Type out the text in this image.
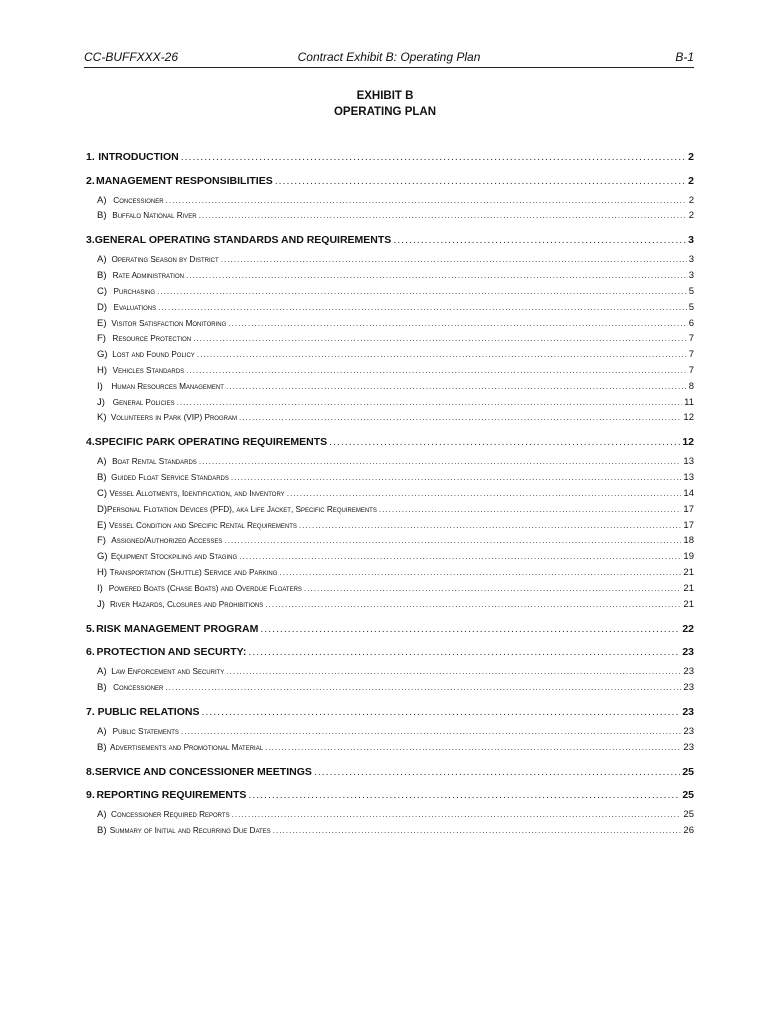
CC-BUFFXXX-26	Contract Exhibit B: Operating Plan	B-1
EXHIBIT B
OPERATING PLAN
1. INTRODUCTION .....	2
2. MANAGEMENT RESPONSIBILITIES .....	2
A) Concessioner .....	2
B) Buffalo National River .....	2
3. GENERAL OPERATING STANDARDS AND REQUIREMENTS .....	3
A) Operating Season by District .....	3
B) Rate Administration .....	3
C) Purchasing .....	5
D) Evaluations .....	5
E) Visitor Satisfaction Monitoring .....	6
F) Resource Protection .....	7
G) Lost and Found Policy .....	7
H) Vehicles Standards .....	7
I)	Human Resources Management .....	8
J) General Policies .....	11
K) Volunteers in Park (VIP) Program .....	12
4. SPECIFIC PARK OPERATING REQUIREMENTS .....	12
A) Boat Rental Standards .....	13
B) Guided Float Service Standards .....	13
C) Vessel Allotments, Identification, and Inventory .....	14
D) Personal Flotation Devices (PFD), aka Life Jacket, Specific Requirements .....	17
E) Vessel Condition and Specific Rental Requirements .....	17
F) Assigned/Authorized Accesses .....	18
G) Equipment Stockpiling and Staging .....	19
H) Transportation (Shuttle) Service and Parking .....	21
I) Powered Boats (Chase Boats) and Overdue Floaters .....	21
J) River Hazards, Closures and Prohibitions .....	21
5. RISK MANAGEMENT PROGRAM .....	22
6. PROTECTION AND SECURTY: .....	23
A) Law Enforcement and Security .....	23
B) Concessioner .....	23
7. PUBLIC RELATIONS .....	23
A) Public Statements .....	23
B) Advertisements and Promotional Material .....	23
8. SERVICE AND CONCESSIONER MEETINGS .....	25
9. REPORTING REQUIREMENTS .....	25
A) Concessioner Required Reports .....	25
B) Summary of Initial and Recurring Due Dates .....	26
